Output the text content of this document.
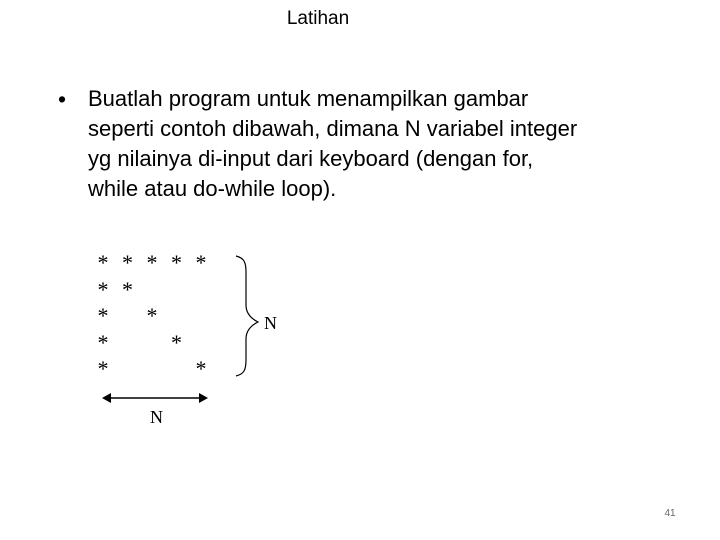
Latihan
• Buatlah program untuk menampilkan gambar
seperti contoh dibawah, dimana N variabel integer
yg nilainya di-input dari keyboard (dengan for,
while atau do-while loop).
* * * * *
* *
* *
*	*
*	*
N
N
41
